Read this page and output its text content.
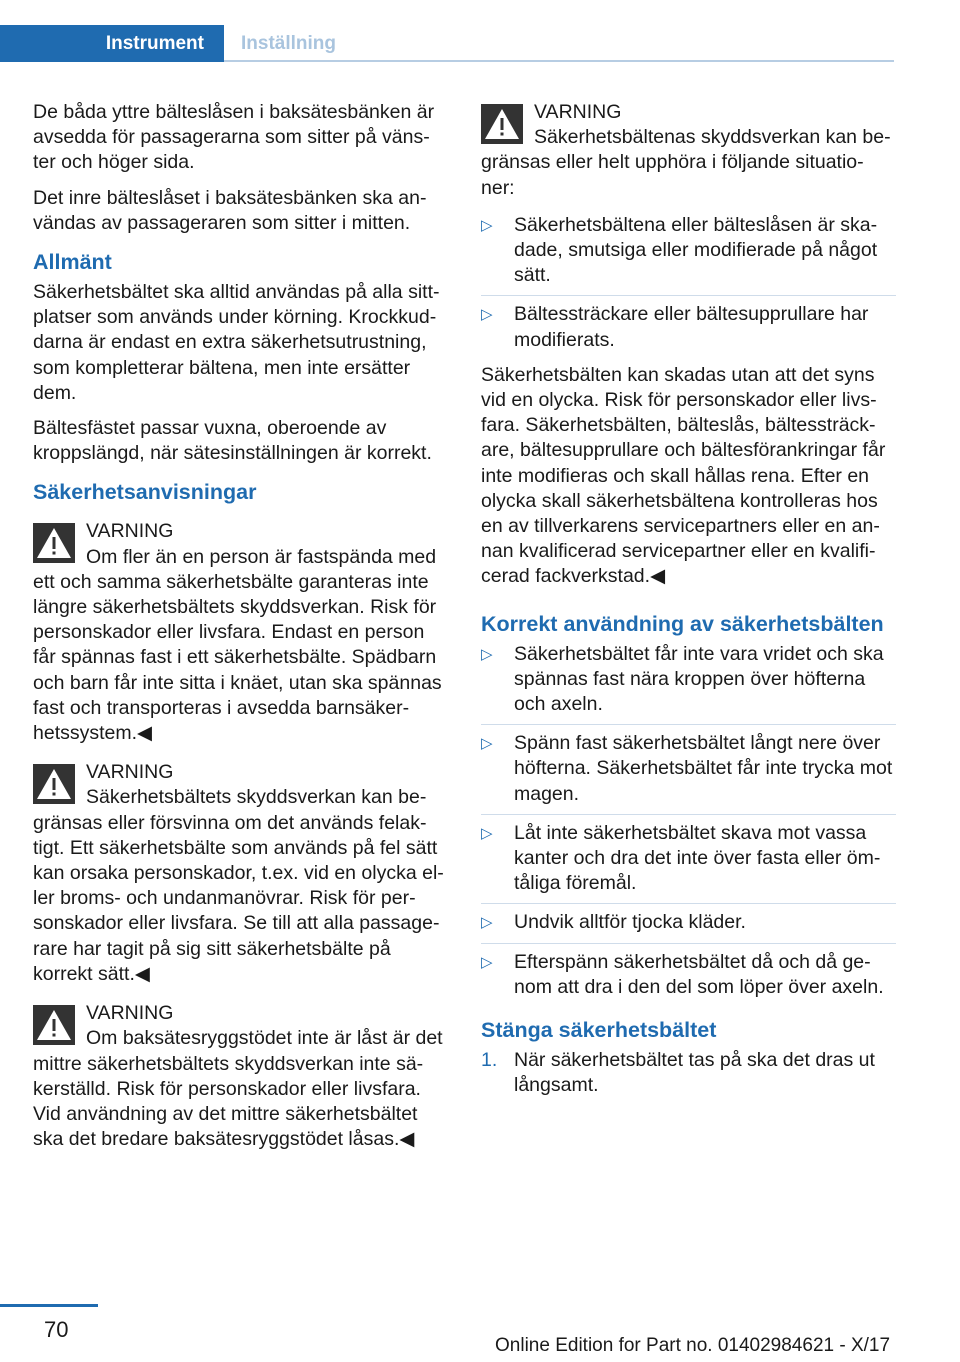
Instrument	Inställning

De båda yttre bälteslåsen i baksätesbänken är avsedda för passagerarna som sitter på väns-ter och höger sida.

Det inre bälteslåset i baksätesbänken ska an-vändas av passageraren som sitter i mitten.

Allmänt

Säkerhetsbältet ska alltid användas på alla sitt-platser som används under körning. Krockkud-darna är endast en extra säkerhetsutrustning, som kompletterar bältena, men inte ersätter dem.

Bältesfästet passar vuxna, oberoende av kroppslängd, när sätesinställningen är korrekt.

Säkerhetsanvisningar
VARNING
Om fler än en person är fastspända med ett och samma säkerhetsbälte garanteras inte längre säkerhetsbältets skyddsverkan. Risk för personskador eller livsfara. Endast en person får spännas fast i ett säkerhetsbälte. Spädbarn och barn får inte sitta i knäet, utan ska spännas fast och transporteras i avsedda barnsäker-hetssystem.◀
VARNING
Säkerhetsbältets skyddsverkan kan be-gränsas eller försvinna om det används felak-tigt. Ett säkerhetsbälte som används på fel sätt kan orsaka personskador, t.ex. vid en olycka el-ler broms- och undanmanövrar. Risk för per-sonskador eller livsfara. Se till att alla passage-rare har tagit på sig sitt säkerhetsbälte på korrekt sätt.◀
VARNING
Om baksätesryggstödet inte är låst är det mittre säkerhetsbältets skyddsverkan inte sä-kerställd. Risk för personskador eller livsfara. Vid användning av det mittre säkerhetsbältet ska det bredare baksätesryggstödet låsas.◀
VARNING
Säkerhetsbältenas skyddsverkan kan be-gränsas eller helt upphöra i följande situatio-ner:
▷ Säkerhetsbältena eller bälteslåsen är ska-dade, smutsiga eller modifierade på något sätt.
▷ Bältessträckare eller bältesupprullare har modifierats.

Säkerhetsbälten kan skadas utan att det syns vid en olycka. Risk för personskador eller livs-fara. Säkerhetsbälten, bälteslås, bältessträck-are, bältesupprullare och bältesförankringar får inte modifieras och skall hållas rena. Efter en olycka skall säkerhetsbältena kontrolleras hos en av tillverkarens servicepartners eller en an-nan kvalificerad servicepartner eller en kvalifi-cerad fackverkstad.◀

Korrekt användning av säkerhetsbälten
▷ Säkerhetsbältet får inte vara vridet och ska spännas fast nära kroppen över höfterna och axeln.
▷ Spänn fast säkerhetsbältet långt nere över höfterna. Säkerhetsbältet får inte trycka mot magen.
▷ Låt inte säkerhetsbältet skava mot vassa kanter och dra det inte över fasta eller öm-tåliga föremål.
▷ Undvik alltför tjocka kläder.
▷ Efterspänn säkerhetsbältet då och då ge-nom att dra i den del som löper över axeln.
Stänga säkerhetsbältet
1. När säkerhetsbältet tas på ska det dras ut långsamt.
70
Online Edition for Part no. 01402984621 - X/17
